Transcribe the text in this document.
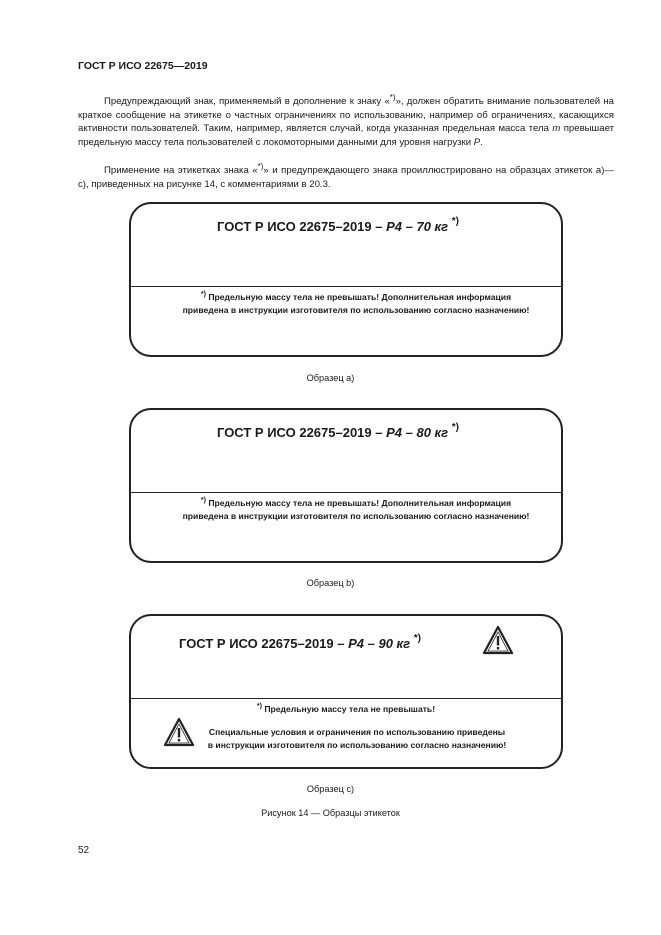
ГОСТ Р ИСО 22675—2019

Предупреждающий знак, применяемый в дополнение к знаку «*)», должен обратить внимание пользователей на краткое сообщение на этикетке о частных ограничениях по использованию, например об ограничениях, касающихся активности пользователей. Таким, например, является случай, когда указанная предельная масса тела m превышает предельную массу тела пользователей с локомоторными данными для уровня нагрузки P.

Применение на этикетках знака «*)» и предупреждающего знака проиллюстрировано на образцах этикеток а)—с), приведенных на рисунке 14, с комментариями в 20.3.

ГОСТ Р ИСО 22675–2019 – P4 – 70 кг *)
*) Предельную массу тела не превышать! Дополнительная информация приведена в инструкции изготовителя по использованию согласно назначению!
Образец а)
ГОСТ Р ИСО 22675–2019 – P4 – 80 кг *)
*) Предельную массу тела не превышать! Дополнительная информация приведена в инструкции изготовителя по использованию согласно назначению!
Образец b)
ГОСТ Р ИСО 22675–2019 – P4 – 90 кг *)
*) Предельную массу тела не превышать!
Специальные условия и ограничения по использованию приведены в инструкции изготовителя по использованию согласно назначению!
Образец с)
Рисунок 14 — Образцы этикеток
52
